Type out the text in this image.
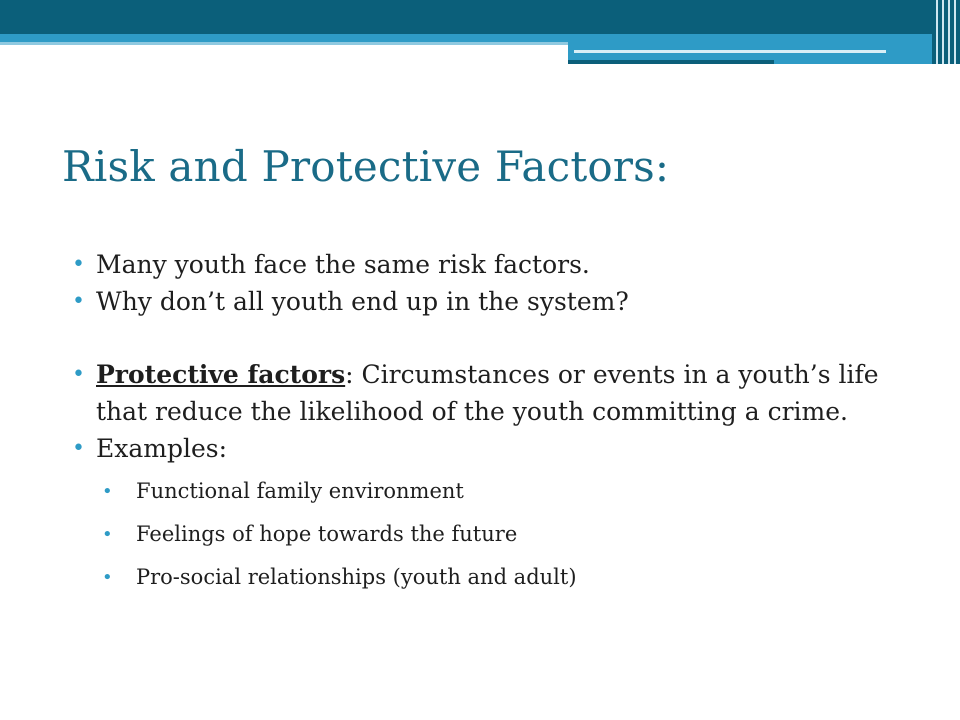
Risk and Protective Factors:
• Many youth face the same risk factors.
• Why don’t all youth end up in the system?
• Protective factors: Circumstances or events in a youth’s life that reduce the likelihood of the youth committing a crime.
• Examples:
• Functional family environment
• Feelings of hope towards the future
• Pro-social relationships (youth and adult)
